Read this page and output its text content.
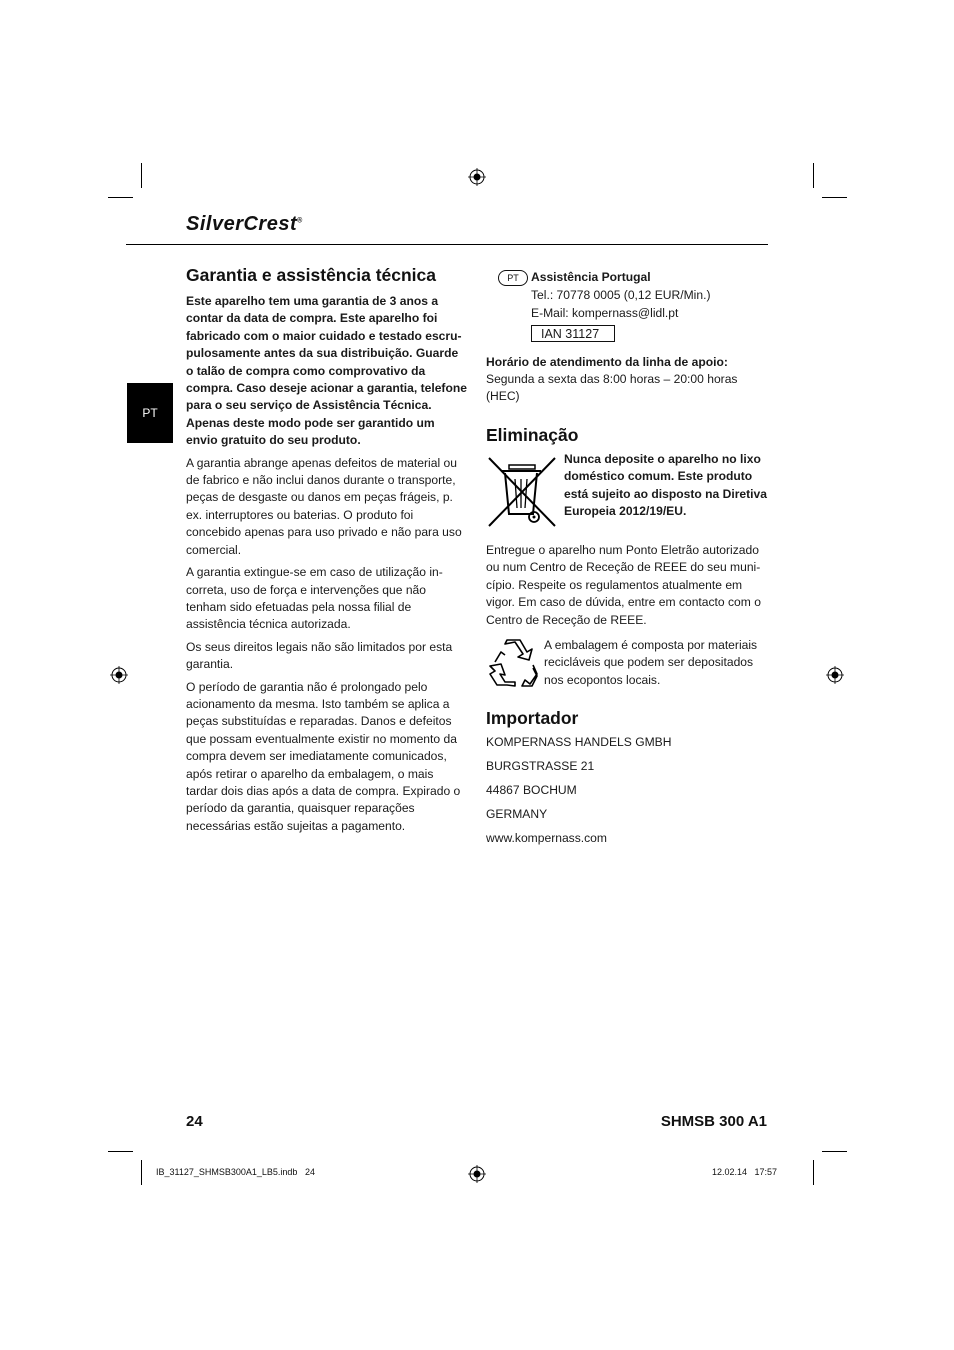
SilverCrest®
PT
Garantia e assistência técnica

Este aparelho tem uma garantia de 3 anos a contar da data de compra. Este aparelho foi fabricado com o maior cuidado e testado escrupulosamente antes da sua distribuição. Guarde o talão de compra como comprovativo da compra. Caso deseje acionar a garantia, telefone para o seu serviço de Assistência Técnica. Apenas deste modo pode ser garantido um envio gratuito do seu produto.

A garantia abrange apenas defeitos de material ou de fabrico e não inclui danos durante o transporte, peças de desgaste ou danos em peças frágeis, p. ex. interruptores ou baterias. O produto foi concebido apenas para uso privado e não para uso comercial.

A garantia extingue-se em caso de utilização incorreta, uso de força e intervenções que não tenham sido efetuadas pela nossa filial de assistência técnica autorizada.

Os seus direitos legais não são limitados por esta garantia.

O período de garantia não é prolongado pelo acionamento da mesma. Isto também se aplica a peças substituídas e reparadas. Danos e defeitos que possam eventualmente existir no momento da compra devem ser imediatamente comunicados, após retirar o aparelho da embalagem, o mais tardar dois dias após a data de compra. Expirado o período da garantia, quaisquer reparações necessárias estão sujeitas a pagamento.

PT	Assistência Portugal

Tel.: 70778 0005 (0,12 EUR/Min.)

E-Mail: kompernass@lidl.pt

IAN 31127

Horário de atendimento da linha de apoio:

Segunda a sexta das 8:00 horas – 20:00 horas (HEC)

Eliminação

Nunca deposite o aparelho no lixo doméstico comum. Este produto está sujeito ao disposto na Diretiva Europeia 2012/19/EU.

Entregue o aparelho num Ponto Eletrão autorizado ou num Centro de Receção de REEE do seu município. Respeite os regulamentos atualmente em vigor. Em caso de dúvida, entre em contacto com o Centro de Receção de REEE.

A embalagem é composta por materiais recicláveis que podem ser depositados nos ecopontos locais.

Importador

KOMPERNASS HANDELS GMBH

BURGSTRASSE 21

44867 BOCHUM

GERMANY

www.kompernass.com

24	SHMSB 300 A1
IB_31127_SHMSB300A1_LB5.indb   24	12.02.14   17:57
